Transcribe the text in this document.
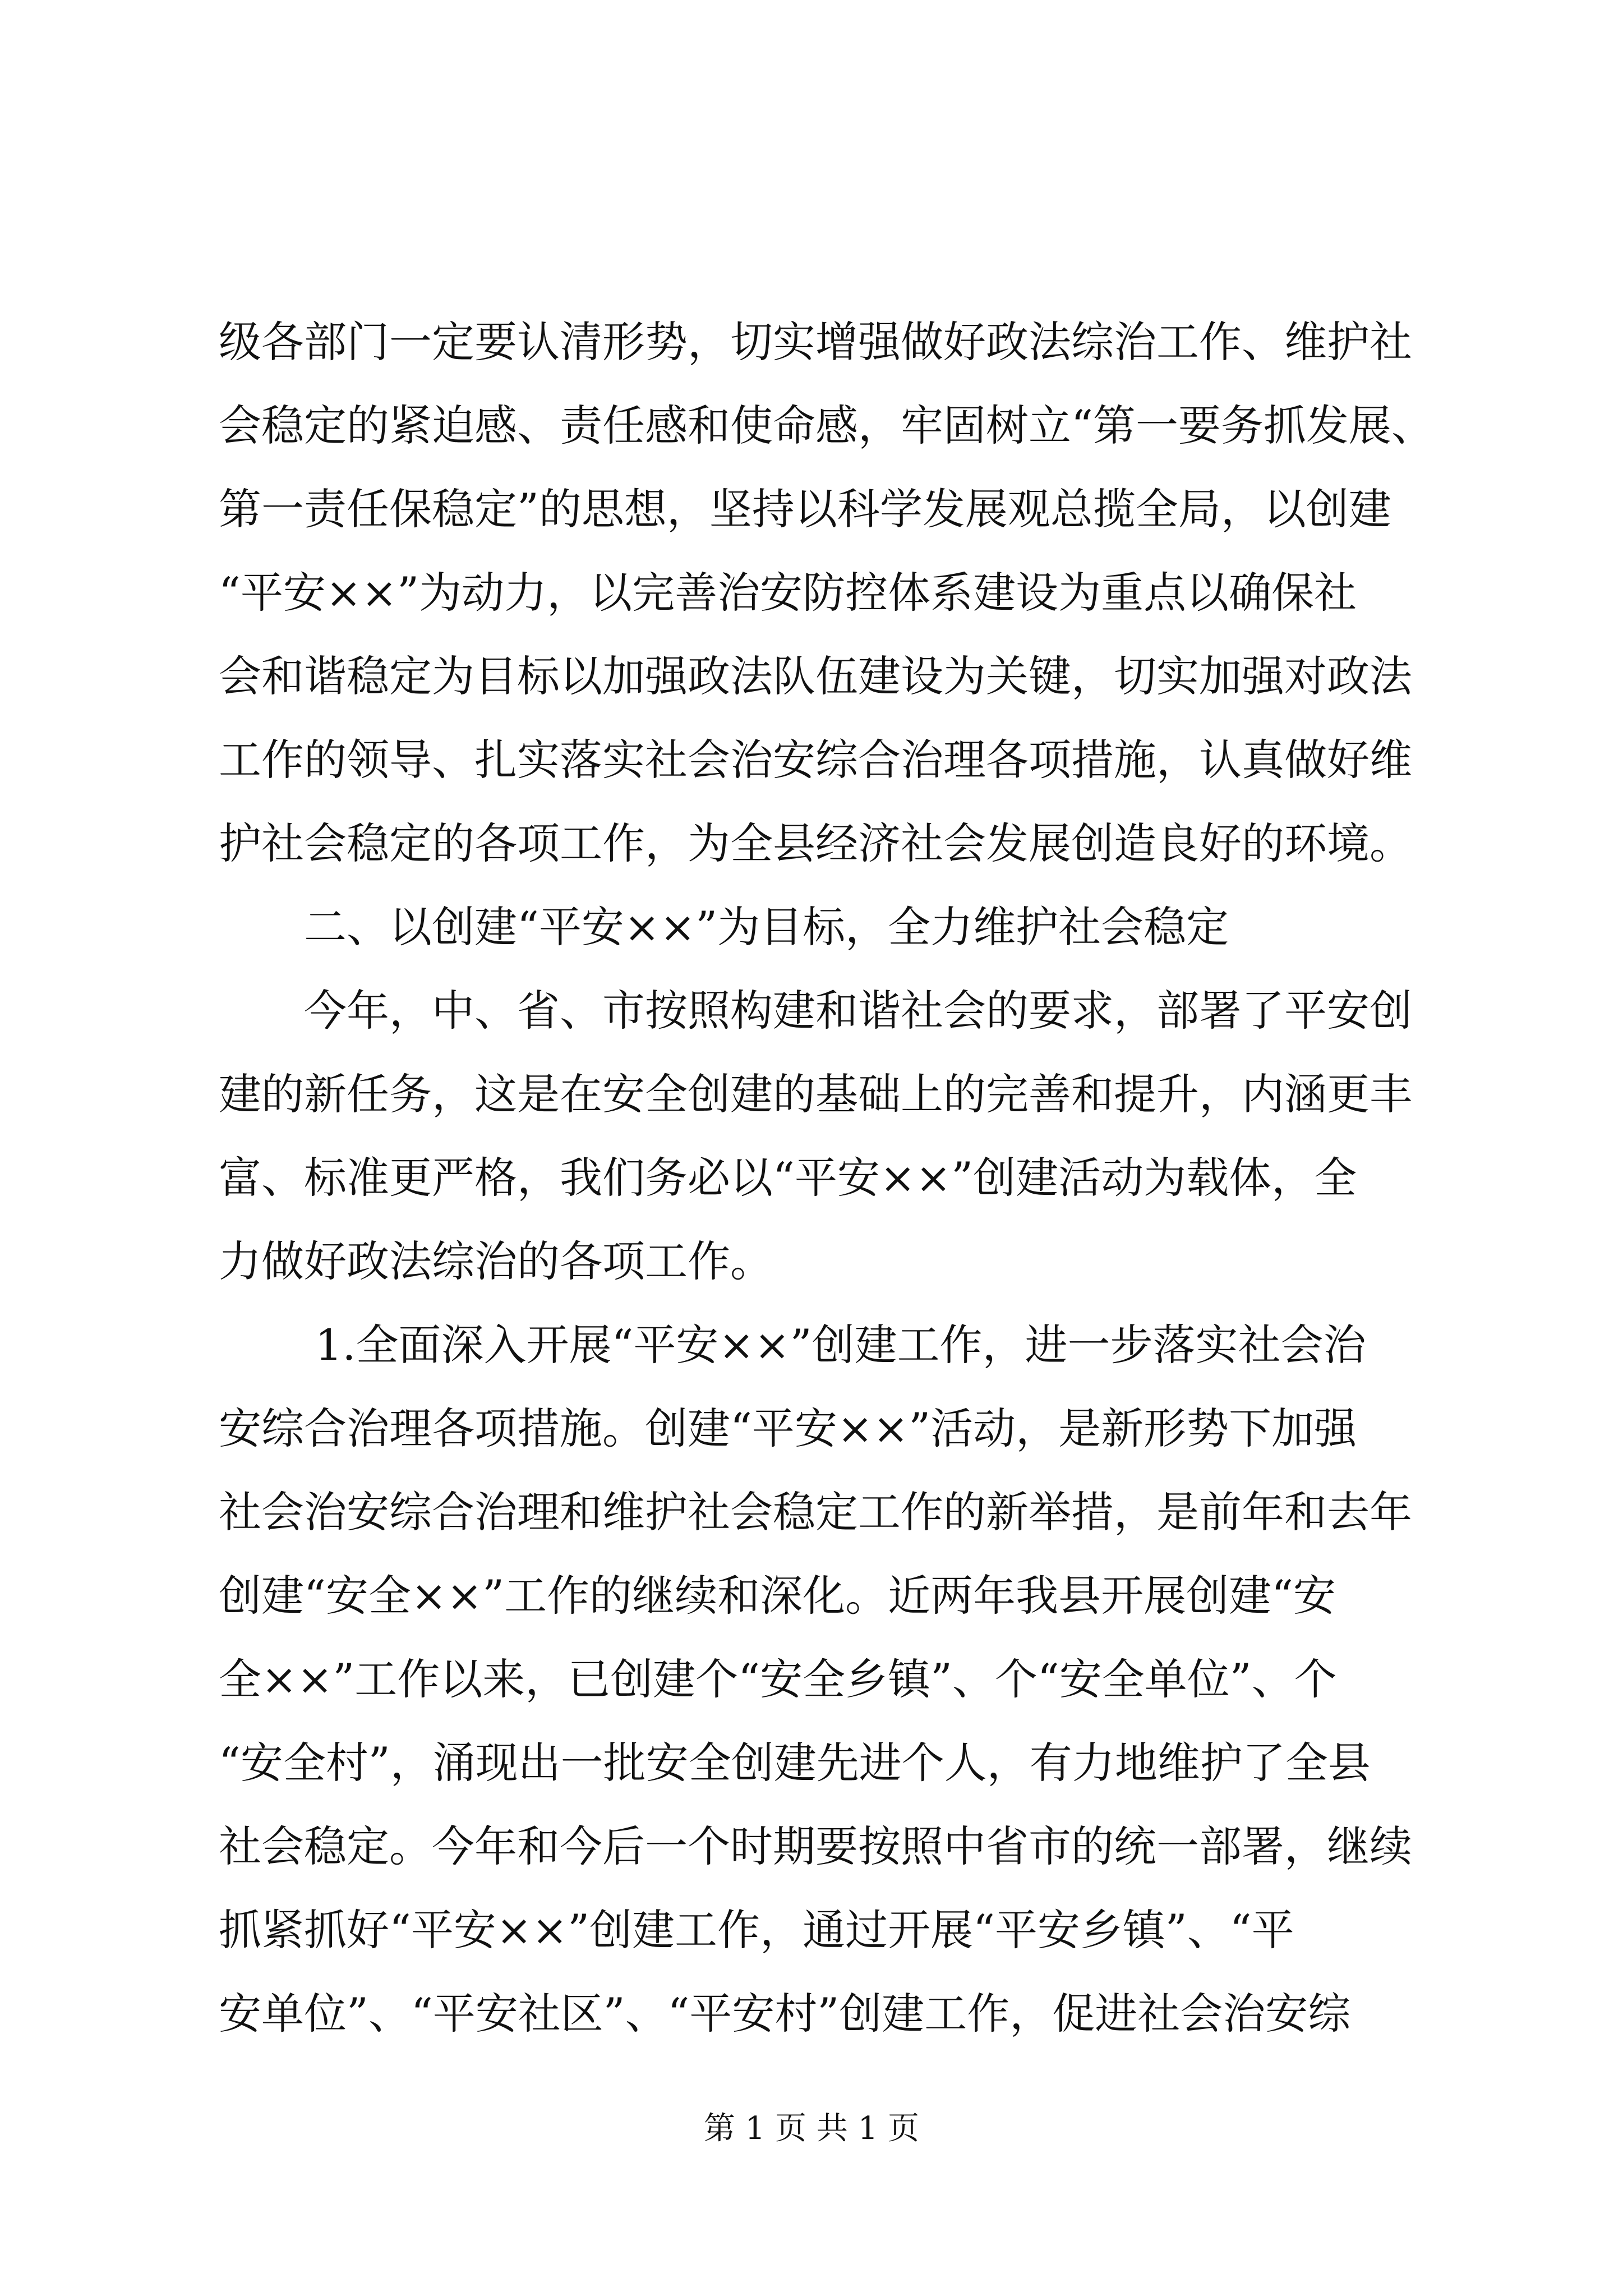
级各部门一定要认清形势，切实增强做好政法综治工作、维护社
会稳定的紧迫感、责任感和使命感，牢固树立“第一要务抓发展、
第一责任保稳定”的思想，坚持以科学发展观总揽全局，以创建
“平安××”为动力，以完善治安防控体系建设为重点以确保社
会和谐稳定为目标以加强政法队伍建设为关键，切实加强对政法
工作的领导、扎实落实社会治安综合治理各项措施，认真做好维
护社会稳定的各项工作，为全县经济社会发展创造良好的环境。
二、以创建“平安××”为目标，全力维护社会稳定
今年，中、省、市按照构建和谐社会的要求，部署了平安创
建的新任务，这是在安全创建的基础上的完善和提升，内涵更丰
富、标准更严格，我们务必以“平安××”创建活动为载体，全
力做好政法综治的各项工作。
1.全面深入开展“平安××”创建工作，进一步落实社会治
安综合治理各项措施。创建“平安××”活动，是新形势下加强
社会治安综合治理和维护社会稳定工作的新举措，是前年和去年
创建“安全××”工作的继续和深化。近两年我县开展创建“安
全××”工作以来，已创建个“安全乡镇”、个“安全单位”、个
“安全村”，涌现出一批安全创建先进个人，有力地维护了全县
社会稳定。今年和今后一个时期要按照中省市的统一部署，继续
抓紧抓好“平安××”创建工作，通过开展“平安乡镇”、“平
安单位”、“平安社区”、“平安村”创建工作，促进社会治安综
第 1 页 共 1 页
